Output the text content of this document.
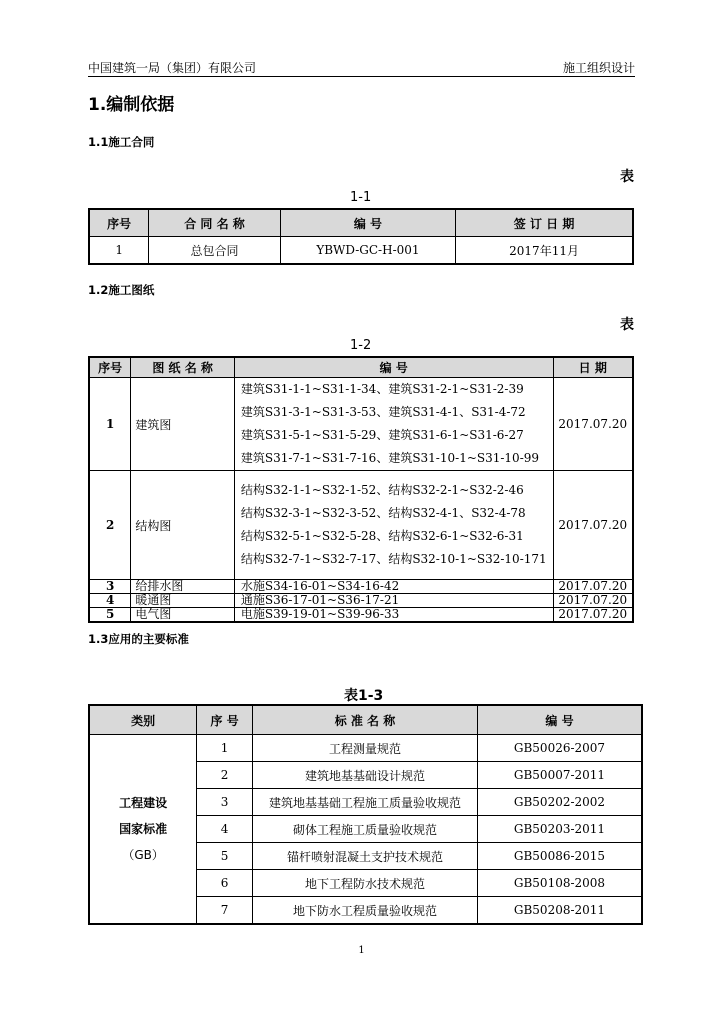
中国建筑一局（集团）有限公司	施工组织设计
1.编制依据
1.1施工合同
表
1-1
序号	合 同 名 称	编 号	签 订 日 期
1	总包合同	YBWD-GC-H-001	2017年11月
1.2施工图纸
表
1-2
序号	图 纸 名 称	编 号	日 期
1	建筑图	建筑S31-1-1~S31-1-34、建筑S31-2-1~S31-2-39
建筑S31-3-1~S31-3-53、建筑S31-4-1、S31-4-72
建筑S31-5-1~S31-5-29、建筑S31-6-1~S31-6-27
建筑S31-7-1~S31-7-16、建筑S31-10-1~S31-10-99	2017.07.20
2	结构图	结构S32-1-1~S32-1-52、结构S32-2-1~S32-2-46
结构S32-3-1~S32-3-52、结构S32-4-1、S32-4-78
结构S32-5-1~S32-5-28、结构S32-6-1~S32-6-31
结构S32-7-1~S32-7-17、结构S32-10-1~S32-10-171	2017.07.20
3	给排水图	水施S34-16-01~S34-16-42	2017.07.20
4	暖通图	通施S36-17-01~S36-17-21	2017.07.20
5	电气图	电施S39-19-01~S39-96-33	2017.07.20
1.3应用的主要标准
表1-3
类别	序 号	标 准 名 称	编 号

工程建设
国家标准
（GB）	1	工程测量规范	GB50026-2007
	2	建筑地基基础设计规范	GB50007-2011
	3	建筑地基基础工程施工质量验收规范	GB50202-2002
	4	砌体工程施工质量验收规范	GB50203-2011
	5	锚杆喷射混凝土支护技术规范	GB50086-2015
	6	地下工程防水技术规范	GB50108-2008
	7	地下防水工程质量验收规范	GB50208-2011
1
